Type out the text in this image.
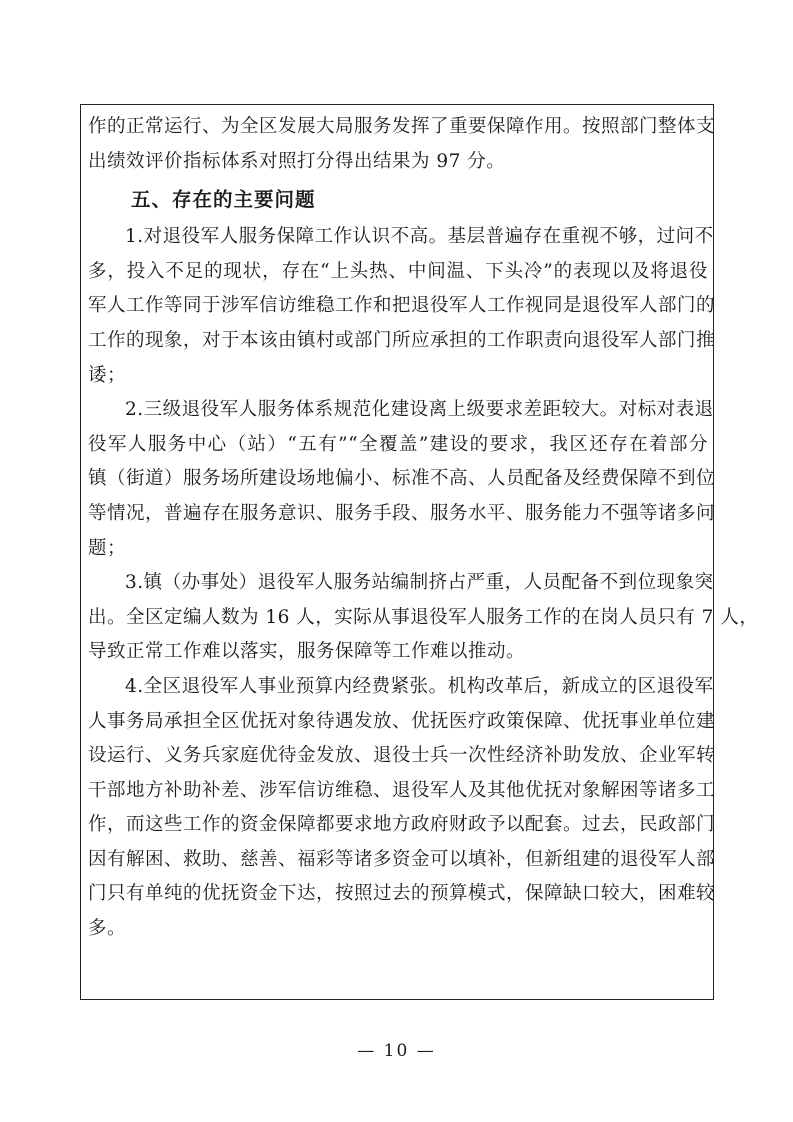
作的正常运行、为全区发展大局服务发挥了重要保障作用。按照部门整体支
出绩效评价指标体系对照打分得出结果为 97 分。
五、存在的主要问题
1.对退役军人服务保障工作认识不高。基层普遍存在重视不够，过问不
多，投入不足的现状，存在“上头热、中间温、下头冷”的表现以及将退役
军人工作等同于涉军信访维稳工作和把退役军人工作视同是退役军人部门的
工作的现象，对于本该由镇村或部门所应承担的工作职责向退役军人部门推
诿；
2.三级退役军人服务体系规范化建设离上级要求差距较大。对标对表退
役军人服务中心（站）“五有”“全覆盖”建设的要求，我区还存在着部分
镇（街道）服务场所建设场地偏小、标准不高、人员配备及经费保障不到位
等情况，普遍存在服务意识、服务手段、服务水平、服务能力不强等诸多问
题；
3.镇（办事处）退役军人服务站编制挤占严重，人员配备不到位现象突
出。全区定编人数为 16 人，实际从事退役军人服务工作的在岗人员只有 7 人，
导致正常工作难以落实，服务保障等工作难以推动。
4.全区退役军人事业预算内经费紧张。机构改革后，新成立的区退役军
人事务局承担全区优抚对象待遇发放、优抚医疗政策保障、优抚事业单位建
设运行、义务兵家庭优待金发放、退役士兵一次性经济补助发放、企业军转
干部地方补助补差、涉军信访维稳、退役军人及其他优抚对象解困等诸多工
作，而这些工作的资金保障都要求地方政府财政予以配套。过去，民政部门
因有解困、救助、慈善、福彩等诸多资金可以填补，但新组建的退役军人部
门只有单纯的优抚资金下达，按照过去的预算模式，保障缺口较大，困难较
多。
— 10 —
